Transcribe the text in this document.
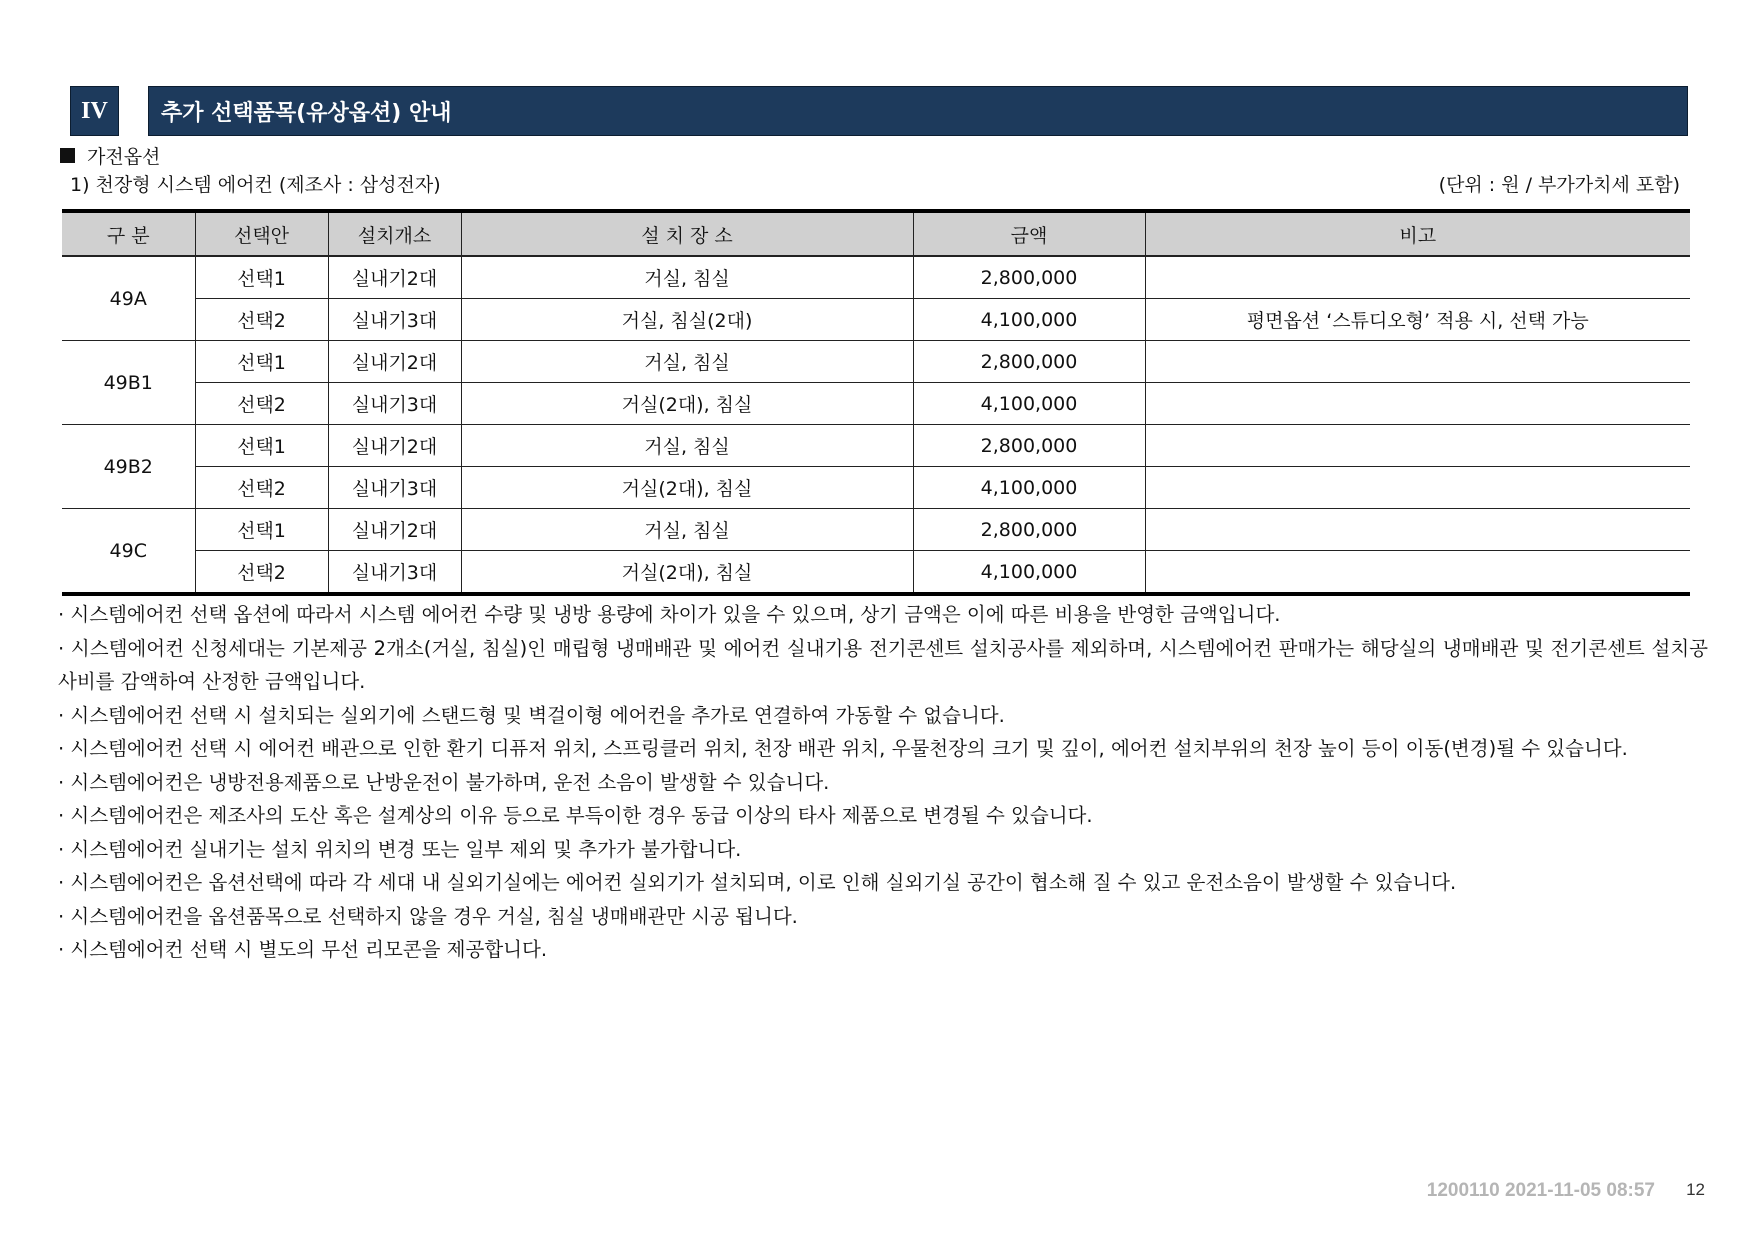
IV	추가 선택품목(유상옵션) 안내
가전옵션
1) 천장형 시스템 에어컨 (제조사 : 삼성전자)	(단위 : 원 / 부가가치세 포함)
구 분	선택안	설치개소	설 치 장 소	금액	비고
49A	선택1	실내기2대	거실, 침실	2,800,000	
	선택2	실내기3대	거실, 침실(2대)	4,100,000	평면옵션 ‘스튜디오형’ 적용 시, 선택 가능
49B1	선택1	실내기2대	거실, 침실	2,800,000	
	선택2	실내기3대	거실(2대), 침실	4,100,000	
49B2	선택1	실내기2대	거실, 침실	2,800,000	
	선택2	실내기3대	거실(2대), 침실	4,100,000	
49C	선택1	실내기2대	거실, 침실	2,800,000	
	선택2	실내기3대	거실(2대), 침실	4,100,000	
· 시스템에어컨 선택 옵션에 따라서 시스템 에어컨 수량 및 냉방 용량에 차이가 있을 수 있으며, 상기 금액은 이에 따른 비용을 반영한 금액입니다.
· 시스템에어컨 신청세대는 기본제공 2개소(거실, 침실)인 매립형 냉매배관 및 에어컨 실내기용 전기콘센트 설치공사를 제외하며, 시스템에어컨 판매가는 해당실의 냉매배관 및 전기콘센트 설치공사비를 감액하여 산정한 금액입니다.
· 시스템에어컨 선택 시 설치되는 실외기에 스탠드형 및 벽걸이형 에어컨을 추가로 연결하여 가동할 수 없습니다.
· 시스템에어컨 선택 시 에어컨 배관으로 인한 환기 디퓨저 위치, 스프링클러 위치, 천장 배관 위치, 우물천장의 크기 및 깊이, 에어컨 설치부위의 천장 높이 등이 이동(변경)될 수 있습니다.
· 시스템에어컨은 냉방전용제품으로 난방운전이 불가하며, 운전 소음이 발생할 수 있습니다.
· 시스템에어컨은 제조사의 도산 혹은 설계상의 이유 등으로 부득이한 경우 동급 이상의 타사 제품으로 변경될 수 있습니다.
· 시스템에어컨 실내기는 설치 위치의 변경 또는 일부 제외 및 추가가 불가합니다.
· 시스템에어컨은 옵션선택에 따라 각 세대 내 실외기실에는 에어컨 실외기가 설치되며, 이로 인해 실외기실 공간이 협소해 질 수 있고 운전소음이 발생할 수 있습니다.
· 시스템에어컨을 옵션품목으로 선택하지 않을 경우 거실, 침실 냉매배관만 시공 됩니다.
· 시스템에어컨 선택 시 별도의 무선 리모콘을 제공합니다.
1200110 2021-11-05 08:57 12
